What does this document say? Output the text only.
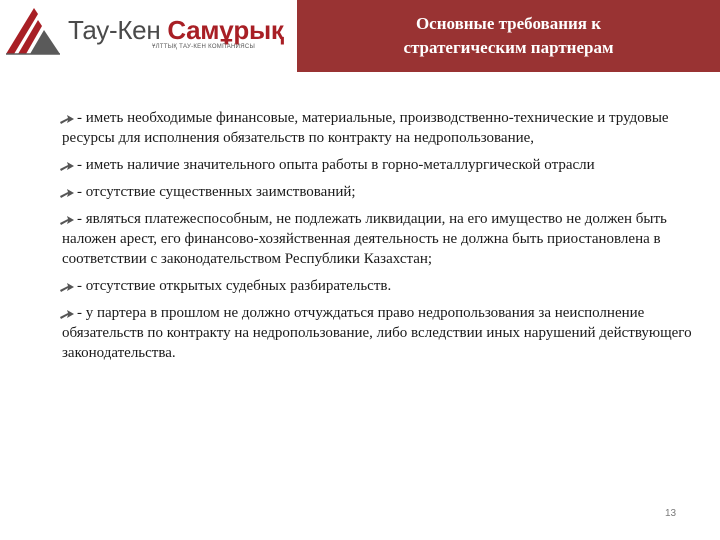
Тау-Кен Самұрық
ҰЛТТЫҚ ТАУ-КЕН КОМПАНИЯСЫ
Основные требования к
стратегическим партнерам
- иметь необходимые финансовые, материальные, производственно-технические и трудовые ресурсы для исполнения обязательств по контракту на недропользование,
- иметь наличие значительного опыта работы в горно-металлургической отрасли
- отсутствие существенных заимствований;
- являться платежеспособным, не подлежать ликвидации, на его имущество не должен быть наложен арест, его финансово-хозяйственная деятельность не должна быть приостановлена в соответствии с законодательством Республики Казахстан;
- отсутствие открытых судебных разбирательств.
- у партера в прошлом не должно отчуждаться право недропользования за неисполнение обязательств по контракту на недропользование, либо вследствии иных нарушений действующего законодательства.
13
